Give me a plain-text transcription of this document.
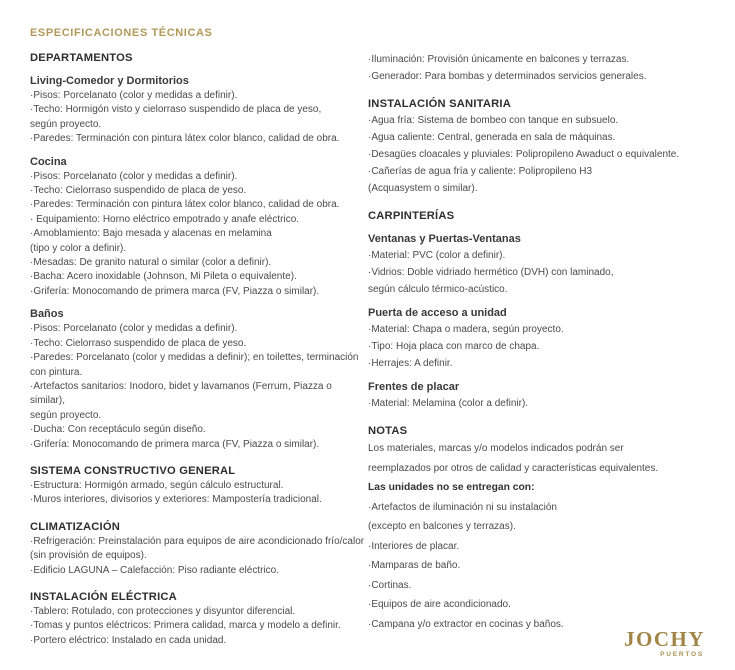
ESPECIFICACIONES TÉCNICAS
DEPARTAMENTOS
Living-Comedor y Dormitorios
·Pisos: Porcelanato (color y medidas a definir).
·Techo: Hormigón visto y cielorraso suspendido de placa de yeso,
según proyecto.
·Paredes: Terminación con pintura látex color blanco, calidad de obra.
Cocina
·Pisos: Porcelanato (color y medidas a definir).
·Techo: Cielorraso suspendido de placa de yeso.
·Paredes: Terminación con pintura látex color blanco, calidad de obra.
· Equipamiento: Horno eléctrico empotrado y anafe eléctrico.
·Amoblamiento: Bajo mesada y alacenas en melamina
(tipo y color a definir).
·Mesadas: De granito natural o similar (color a definir).
·Bacha: Acero inoxidable (Johnson, Mi Pileta o equivalente).
·Grifería: Monocomando de primera marca (FV, Piazza o similar).
Baños
·Pisos: Porcelanato (color y medidas a definir).
·Techo: Cielorraso suspendido de placa de yeso.
·Paredes: Porcelanato (color y medidas a definir); en toilettes, terminación
con pintura.
·Artefactos sanitarios: Inodoro, bidet y lavamanos (Ferrum, Piazza o similar),
según proyecto.
·Ducha: Con receptáculo según diseño.
·Grifería: Monocomando de primera marca (FV, Piazza o similar).
SISTEMA CONSTRUCTIVO GENERAL
·Estructura: Hormigón armado, según cálculo estructural.
·Muros interiores, divisorios y exteriores: Mampostería tradicional.
CLIMATIZACIÓN
·Refrigeración: Preinstalación para equipos de aire acondicionado frío/calor
(sin provisión de equipos).
·Edificio LAGUNA – Calefacción: Piso radiante eléctrico.
INSTALACIÓN ELÉCTRICA
·Tablero: Rotulado, con protecciones y disyuntor diferencial.
·Tomas y puntos eléctricos: Primera calidad, marca y modelo a definir.
·Portero eléctrico: Instalado en cada unidad.
·Iluminación: Provisión únicamente en balcones y terrazas.
·Generador: Para bombas y determinados servicios generales.
INSTALACIÓN SANITARIA
·Agua fría: Sistema de bombeo con tanque en subsuelo.
·Agua caliente: Central, generada en sala de máquinas.
·Desagües cloacales y pluviales: Polipropileno Awaduct o equivalente.
·Cañerías de agua fría y caliente: Polipropileno H3
(Acquasystem o similar).
CARPINTERÍAS
Ventanas y Puertas-Ventanas
·Material: PVC (color a definir).
·Vidrios: Doble vidriado hermético (DVH) con laminado,
según cálculo térmico-acústico.
Puerta de acceso a unidad
·Material: Chapa o madera, según proyecto.
·Tipo: Hoja placa con marco de chapa.
·Herrajes: A definir.
Frentes de placar
·Material: Melamina (color a definir).
NOTAS
Los materiales, marcas y/o modelos indicados podrán ser
reemplazados por otros de calidad y características equivalentes.
Las unidades no se entregan con:
·Artefactos de iluminación ni su instalación
(excepto en balcones y terrazas).
·Interiores de placar.
·Mamparas de baño.
·Cortinas.
·Equipos de aire acondicionado.
·Campana y/o extractor en cocinas y baños.
JOCHY
PUERTOS
